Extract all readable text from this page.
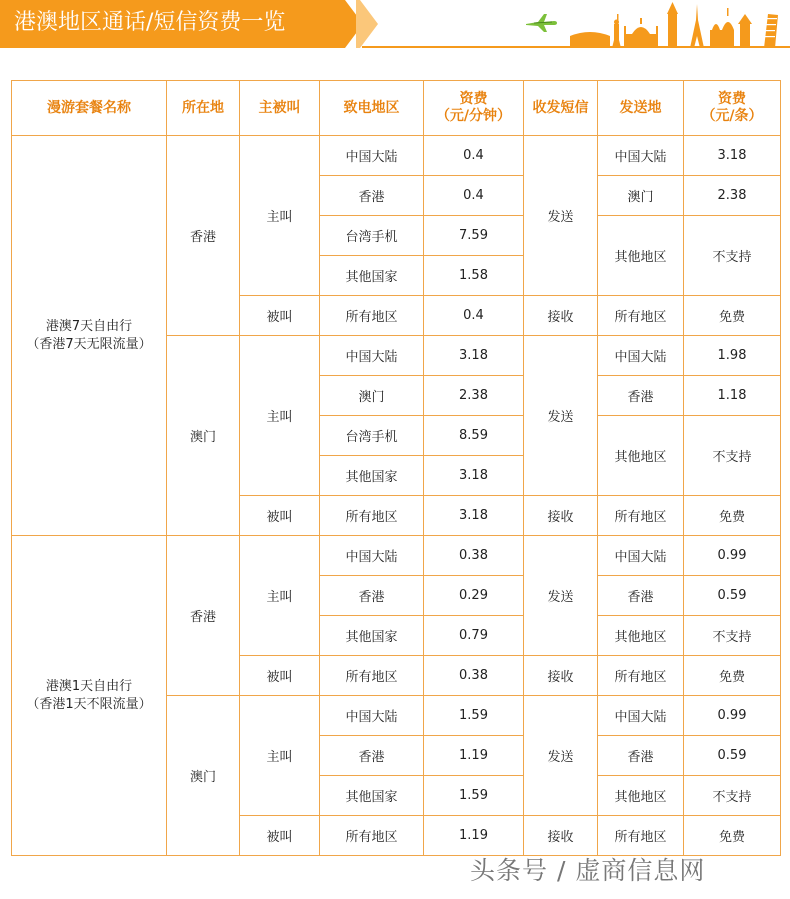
港澳地区通话/短信资费一览
漫游套餐名称	所在地	主被叫	致电地区	资费
（元/分钟）	收发短信	发送地	资费
（元/条）
港澳7天自由行
（香港7天无限流量）	香港	主叫	中国大陆	0.4	发送	中国大陆	3.18
			香港	0.4		澳门	2.38
			台湾手机	7.59		其他地区	不支持
			其他国家	1.58			
		被叫	所有地区	0.4	接收	所有地区	免费
	澳门	主叫	中国大陆	3.18	发送	中国大陆	1.98
			澳门	2.38		香港	1.18
			台湾手机	8.59		其他地区	不支持
			其他国家	3.18			
		被叫	所有地区	3.18	接收	所有地区	免费
港澳1天自由行
（香港1天不限流量）	香港	主叫	中国大陆	0.38	发送	中国大陆	0.99
			香港	0.29		香港	0.59
			其他国家	0.79		其他地区	不支持
		被叫	所有地区	0.38	接收	所有地区	免费
	澳门	主叫	中国大陆	1.59	发送	中国大陆	0.99
			香港	1.19		香港	0.59
			其他国家	1.59		其他地区	不支持
		被叫	所有地区	1.19	接收	所有地区	免费
头条号 / 虚商信息网
